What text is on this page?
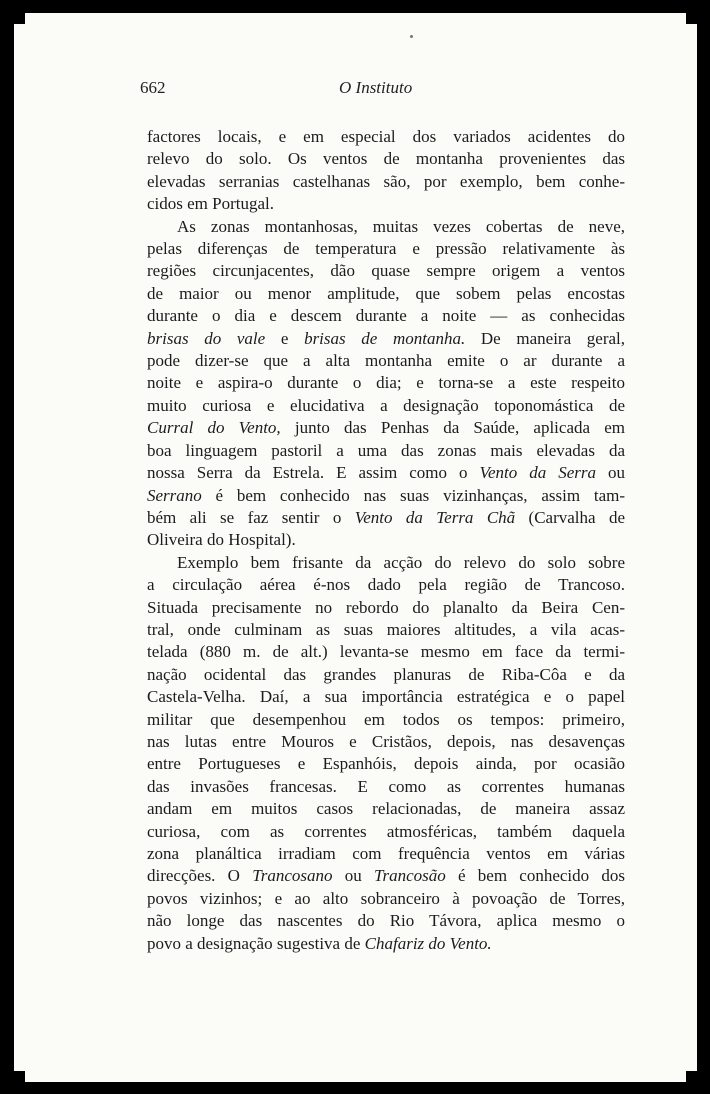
662	O Instituto
factores locais, e em especial dos variados acidentes do
relevo do solo. Os ventos de montanha provenientes das
elevadas serranias castelhanas são, por exemplo, bem conhe-
cidos em Portugal.
As zonas montanhosas, muitas vezes cobertas de neve,
pelas diferenças de temperatura e pressão relativamente às
regiões circunjacentes, dão quase sempre origem a ventos
de maior ou menor amplitude, que sobem pelas encostas
durante o dia e descem durante a noite — as conhecidas
brisas do vale e brisas de montanha. De maneira geral,
pode dizer-se que a alta montanha emite o ar durante a
noite e aspira-o durante o dia; e torna-se a este respeito
muito curiosa e elucidativa a designação toponomástica de
Curral do Vento, junto das Penhas da Saúde, aplicada em
boa linguagem pastoril a uma das zonas mais elevadas da
nossa Serra da Estrela. E assim como o Vento da Serra ou
Serrano é bem conhecido nas suas vizinhanças, assim tam-
bém ali se faz sentir o Vento da Terra Chã (Carvalha de
Oliveira do Hospital).
Exemplo bem frisante da acção do relevo do solo sobre
a circulação aérea é-nos dado pela região de Trancoso.
Situada precisamente no rebordo do planalto da Beira Cen-
tral, onde culminam as suas maiores altitudes, a vila acas-
telada (880 m. de alt.) levanta-se mesmo em face da termi-
nação ocidental das grandes planuras de Riba-Côa e da
Castela-Velha. Daí, a sua importância estratégica e o papel
militar que desempenhou em todos os tempos: primeiro,
nas lutas entre Mouros e Cristãos, depois, nas desavenças
entre Portugueses e Espanhóis, depois ainda, por ocasião
das invasões francesas. E como as correntes humanas
andam em muitos casos relacionadas, de maneira assaz
curiosa, com as correntes atmosféricas, também daquela
zona planáltica irradiam com frequência ventos em várias
direcções. O Trancosano ou Trancosão é bem conhecido dos
povos vizinhos; e ao alto sobranceiro à povoação de Torres,
não longe das nascentes do Rio Távora, aplica mesmo o
povo a designação sugestiva de Chafariz do Vento.
